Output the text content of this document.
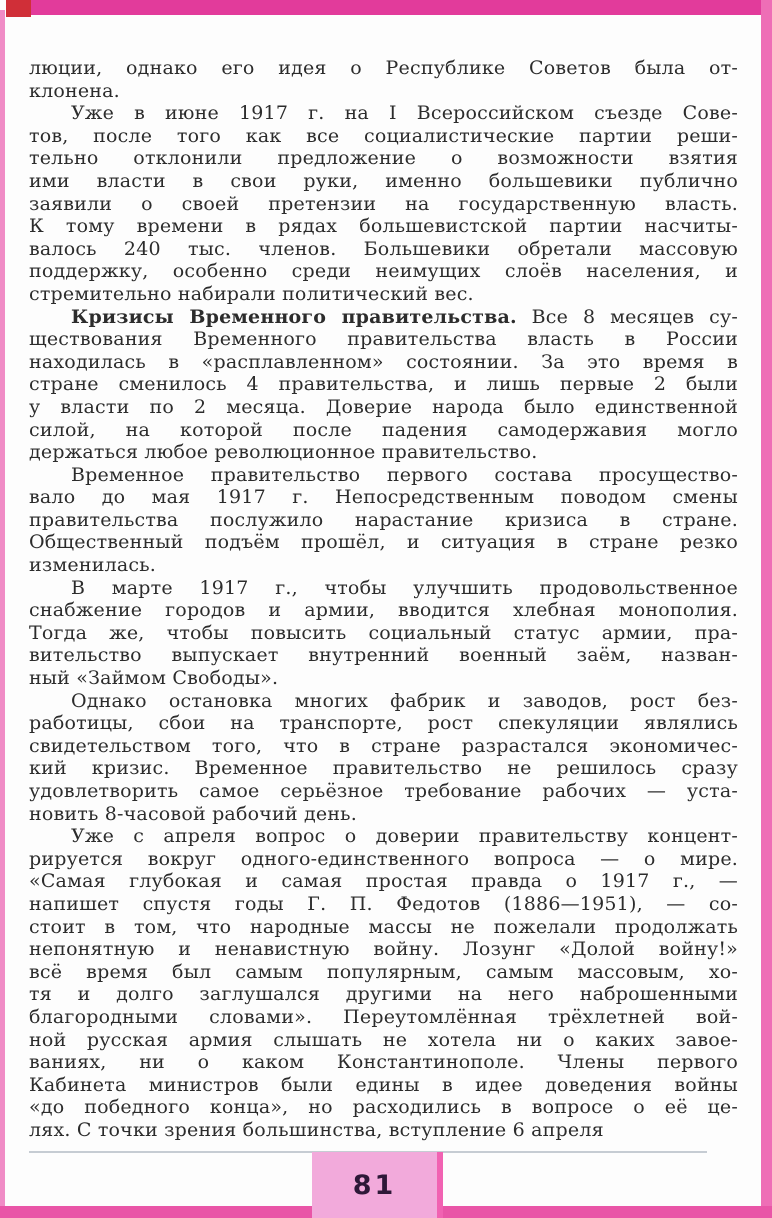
люции, однако его идея о Республике Советов была от-
клонена.
Уже в июне 1917 г. на I Всероссийском съезде Сове-
тов, после того как все социалистические партии реши-
тельно отклонили предложение о возможности взятия
ими власти в свои руки, именно большевики публично
заявили о своей претензии на государственную власть.
К тому времени в рядах большевистской партии насчиты-
валось 240 тыс. членов. Большевики обретали массовую
поддержку, особенно среди неимущих слоёв населения, и
стремительно набирали политический вес.
Кризисы Временного правительства. Все 8 месяцев су-
ществования Временного правительства власть в России
находилась в «расплавленном» состоянии. За это время в
стране сменилось 4 правительства, и лишь первые 2 были
у власти по 2 месяца. Доверие народа было единственной
силой, на которой после падения самодержавия могло
держаться любое революционное правительство.
Временное правительство первого состава просущество-
вало до мая 1917 г. Непосредственным поводом смены
правительства послужило нарастание кризиса в стране.
Общественный подъём прошёл, и ситуация в стране резко
изменилась.
В марте 1917 г., чтобы улучшить продовольственное
снабжение городов и армии, вводится хлебная монополия.
Тогда же, чтобы повысить социальный статус армии, пра-
вительство выпускает внутренний военный заём, назван-
ный «Займом Свободы».
Однако остановка многих фабрик и заводов, рост без-
работицы, сбои на транспорте, рост спекуляции являлись
свидетельством того, что в стране разрастался экономичес-
кий кризис. Временное правительство не решилось сразу
удовлетворить самое серьёзное требование рабочих — уста-
новить 8-часовой рабочий день.
Уже с апреля вопрос о доверии правительству концент-
рируется вокруг одного-единственного вопроса — о мире.
«Самая глубокая и самая простая правда о 1917 г., —
напишет спустя годы Г. П. Федотов (1886—1951), — со-
стоит в том, что народные массы не пожелали продолжать
непонятную и ненавистную войну. Лозунг «Долой войну!»
всё время был самым популярным, самым массовым, хо-
тя и долго заглушался другими на него наброшенными
благородными словами». Переутомлённая трёхлетней вой-
ной русская армия слышать не хотела ни о каких завое-
ваниях, ни о каком Константинополе. Члены первого
Кабинета министров были едины в идее доведения войны
«до победного конца», но расходились в вопросе о её це-
лях. С точки зрения большинства, вступление 6 апреля
81
